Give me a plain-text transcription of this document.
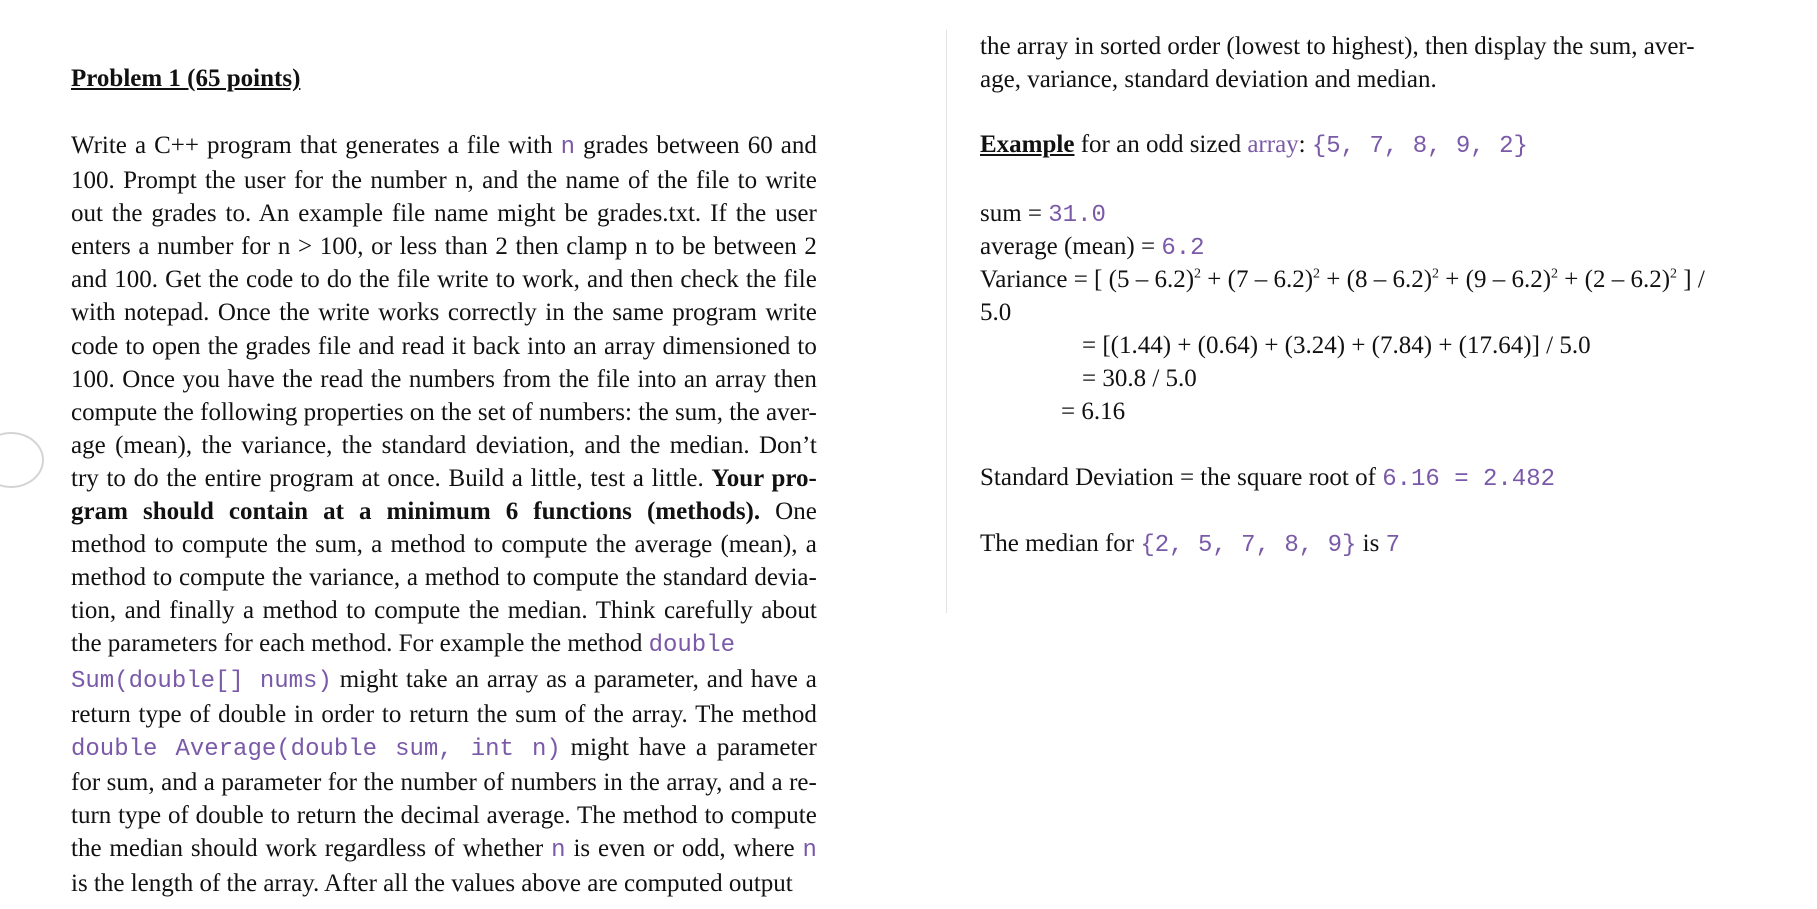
Problem 1 (65 points)
Write a C++ program that generates a file with n grades between 60 and
100. Prompt the user for the number n, and the name of the file to write
out the grades to. An example file name might be grades.txt. If the user
enters a number for n > 100, or less than 2 then clamp n to be between 2
and 100. Get the code to do the file write to work, and then check the file
with notepad. Once the write works correctly in the same program write
code to open the grades file and read it back into an array dimensioned to
100. Once you have the read the numbers from the file into an array then
compute the following properties on the set of numbers: the sum, the aver-
age (mean), the variance, the standard deviation, and the median. Don’t
try to do the entire program at once. Build a little, test a little. Your pro-
gram should contain at a minimum 6 functions (methods). One
method to compute the sum, a method to compute the average (mean), a
method to compute the variance, a method to compute the standard devia-
tion, and finally a method to compute the median. Think carefully about
the parameters for each method. For example the method double
Sum(double[] nums) might take an array as a parameter, and have a
return type of double in order to return the sum of the array. The method
double Average(double sum, int n) might have a parameter
for sum, and a parameter for the number of numbers in the array, and a re-
turn type of double to return the decimal average. The method to compute
the median should work regardless of whether n is even or odd, where n
is the length of the array. After all the values above are computed output
the array in sorted order (lowest to highest), then display the sum, aver-
age, variance, standard deviation and median.
Example for an odd sized array: {5, 7, 8, 9, 2}
sum = 31.0
average (mean) = 6.2
Variance = [ (5 – 6.2)$^2$ + (7 – 6.2)$^2$ + (8 – 6.2)$^2$ + (9 – 6.2)$^2$ + (2 – 6.2)$^2$ ] /
5.0
= [(1.44) + (0.64) + (3.24) + (7.84) + (17.64)] / 5.0
= 30.8 / 5.0
= 6.16
Standard Deviation = the square root of 6.16 = 2.482
The median for {2, 5, 7, 8, 9} is 7
